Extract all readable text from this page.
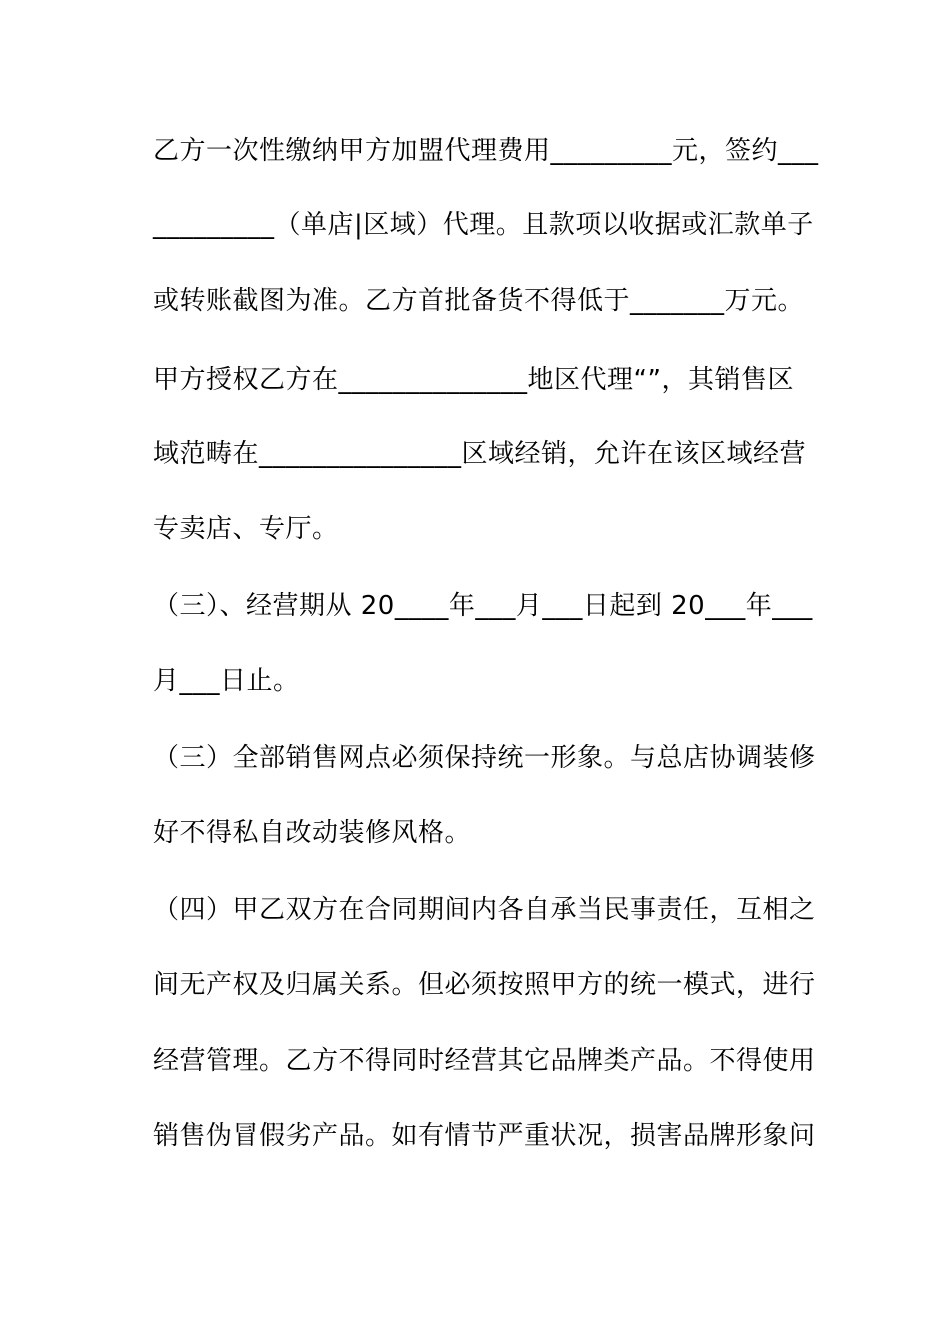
乙方一次性缴纳甲方加盟代理费用_________元，签约___
_________（单店|区域）代理。且款项以收据或汇款单子
或转账截图为准。乙方首批备货不得低于_______万元。
甲方授权乙方在______________地区代理“”，其销售区
域范畴在_______________区域经销，允许在该区域经营
专卖店、专厅。
（三）、经营期从 20____年___月___日起到 20___年___
月___日止。
（三）全部销售网点必须保持统一形象。与总店协调装修
好不得私自改动装修风格。
（四）甲乙双方在合同期间内各自承当民事责任，互相之
间无产权及归属关系。但必须按照甲方的统一模式，进行
经营管理。乙方不得同时经营其它品牌类产品。不得使用
销售伪冒假劣产品。如有情节严重状况，损害品牌形象问
